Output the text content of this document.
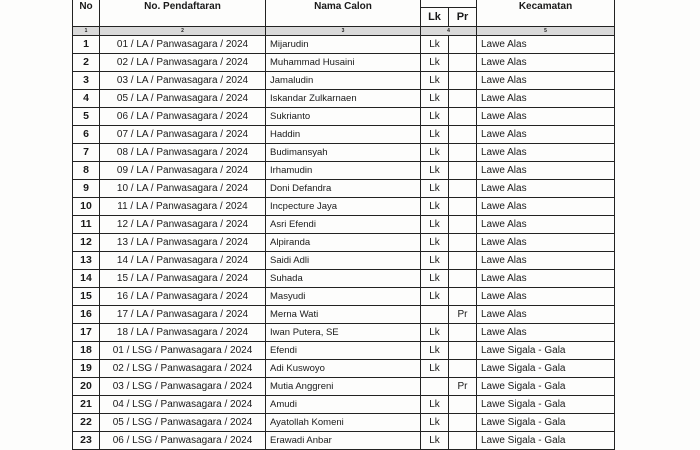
No	No. Pendaftaran	Nama Calon			Kecamatan
			Lk	Pr	
1	2	3	4		5
1	01 / LA / Panwasagara / 2024	Mijarudin	Lk		Lawe Alas
2	02 / LA / Panwasagara / 2024	Muhammad Husaini	Lk		Lawe Alas
3	03 / LA / Panwasagara / 2024	Jamaludin	Lk		Lawe Alas
4	05 / LA / Panwasagara / 2024	Iskandar Zulkarnaen	Lk		Lawe Alas
5	06 / LA / Panwasagara / 2024	Sukrianto	Lk		Lawe Alas
6	07 / LA / Panwasagara / 2024	Haddin	Lk		Lawe Alas
7	08 / LA / Panwasagara / 2024	Budimansyah	Lk		Lawe Alas
8	09 / LA / Panwasagara / 2024	Irhamudin	Lk		Lawe Alas
9	10 / LA / Panwasagara / 2024	Doni Defandra	Lk		Lawe Alas
10	11 / LA / Panwasagara / 2024	Incpecture Jaya	Lk		Lawe Alas
11	12 / LA / Panwasagara / 2024	Asri Efendi	Lk		Lawe Alas
12	13 / LA / Panwasagara / 2024	Alpiranda	Lk		Lawe Alas
13	14 / LA / Panwasagara / 2024	Saidi Adli	Lk		Lawe Alas
14	15 / LA / Panwasagara / 2024	Suhada	Lk		Lawe Alas
15	16 / LA / Panwasagara / 2024	Masyudi	Lk		Lawe Alas
16	17 / LA / Panwasagara / 2024	Merna Wati		Pr	Lawe Alas
17	18 / LA / Panwasagara / 2024	Iwan Putera, SE	Lk		Lawe Alas
18	01 / LSG / Panwasagara / 2024	Efendi	Lk		Lawe Sigala - Gala
19	02 / LSG / Panwasagara / 2024	Adi Kuswoyo	Lk		Lawe Sigala - Gala
20	03 / LSG / Panwasagara / 2024	Mutia Anggreni		Pr	Lawe Sigala - Gala
21	04 / LSG / Panwasagara / 2024	Amudi	Lk		Lawe Sigala - Gala
22	05 / LSG / Panwasagara / 2024	Ayatollah Komeni	Lk		Lawe Sigala - Gala
23	06 / LSG / Panwasagara / 2024	Erawadi Anbar	Lk		Lawe Sigala - Gala
